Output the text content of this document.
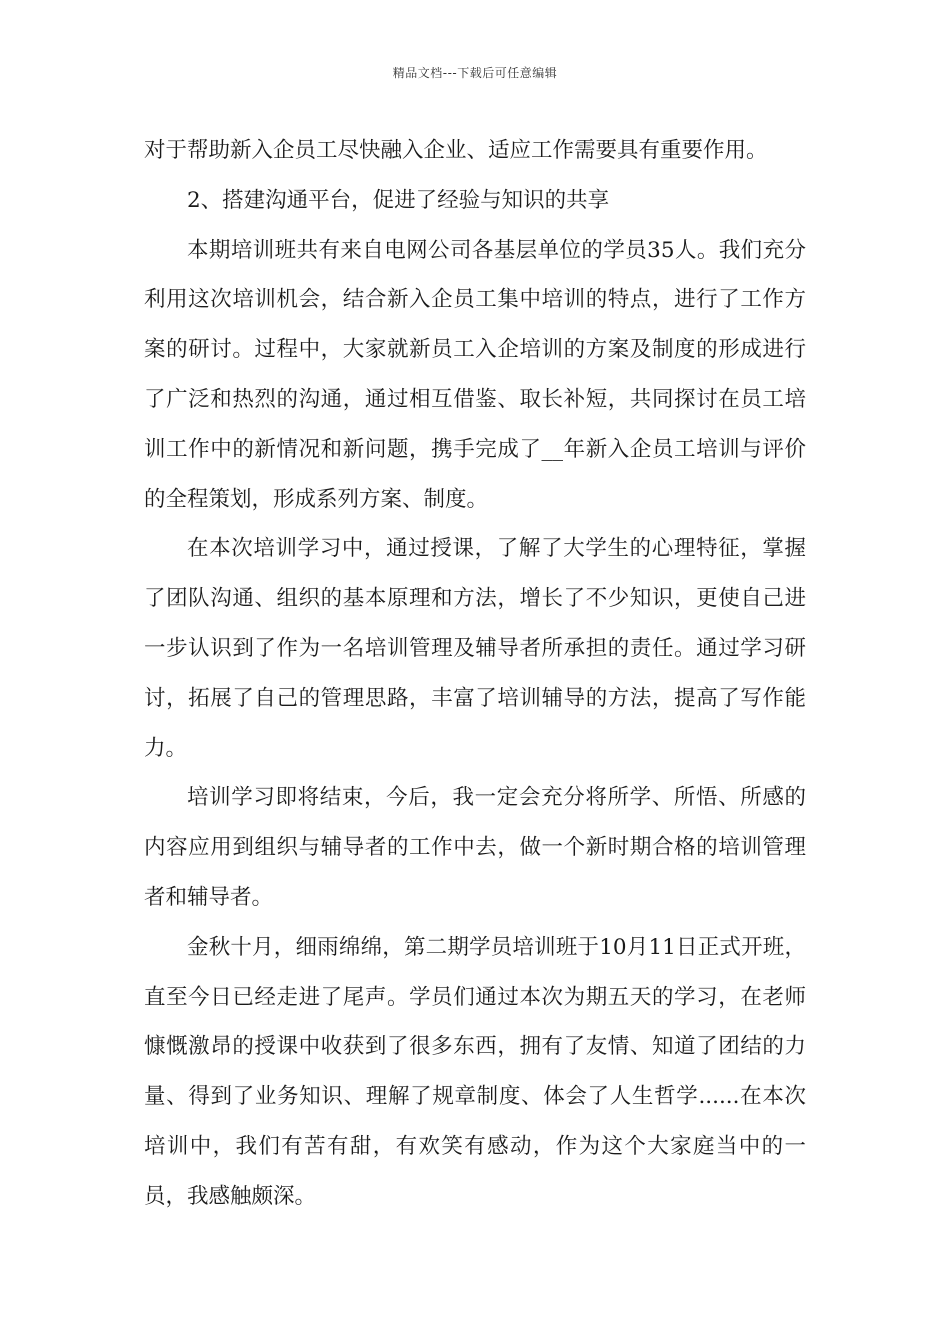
精品文档---下载后可任意编辑

对于帮助新入企员工尽快融入企业、适应工作需要具有重要作用。

2、搭建沟通平台，促进了经验与知识的共享

本期培训班共有来自电网公司各基层单位的学员35人。我们充分利用这次培训机会，结合新入企员工集中培训的特点，进行了工作方案的研讨。过程中，大家就新员工入企培训的方案及制度的形成进行了广泛和热烈的沟通，通过相互借鉴、取长补短，共同探讨在员工培训工作中的新情况和新问题，携手完成了__年新入企员工培训与评价的全程策划，形成系列方案、制度。

在本次培训学习中，通过授课，了解了大学生的心理特征，掌握了团队沟通、组织的基本原理和方法，增长了不少知识，更使自己进一步认识到了作为一名培训管理及辅导者所承担的责任。通过学习研讨，拓展了自己的管理思路，丰富了培训辅导的方法，提高了写作能力。

培训学习即将结束，今后，我一定会充分将所学、所悟、所感的内容应用到组织与辅导者的工作中去，做一个新时期合格的培训管理者和辅导者。

金秋十月，细雨绵绵，第二期学员培训班于10月11日正式开班，直至今日已经走进了尾声。学员们通过本次为期五天的学习，在老师慷慨激昂的授课中收获到了很多东西，拥有了友情、知道了团结的力量、得到了业务知识、理解了规章制度、体会了人生哲学......在本次培训中，我们有苦有甜，有欢笑有感动，作为这个大家庭当中的一员，我感触颇深。
